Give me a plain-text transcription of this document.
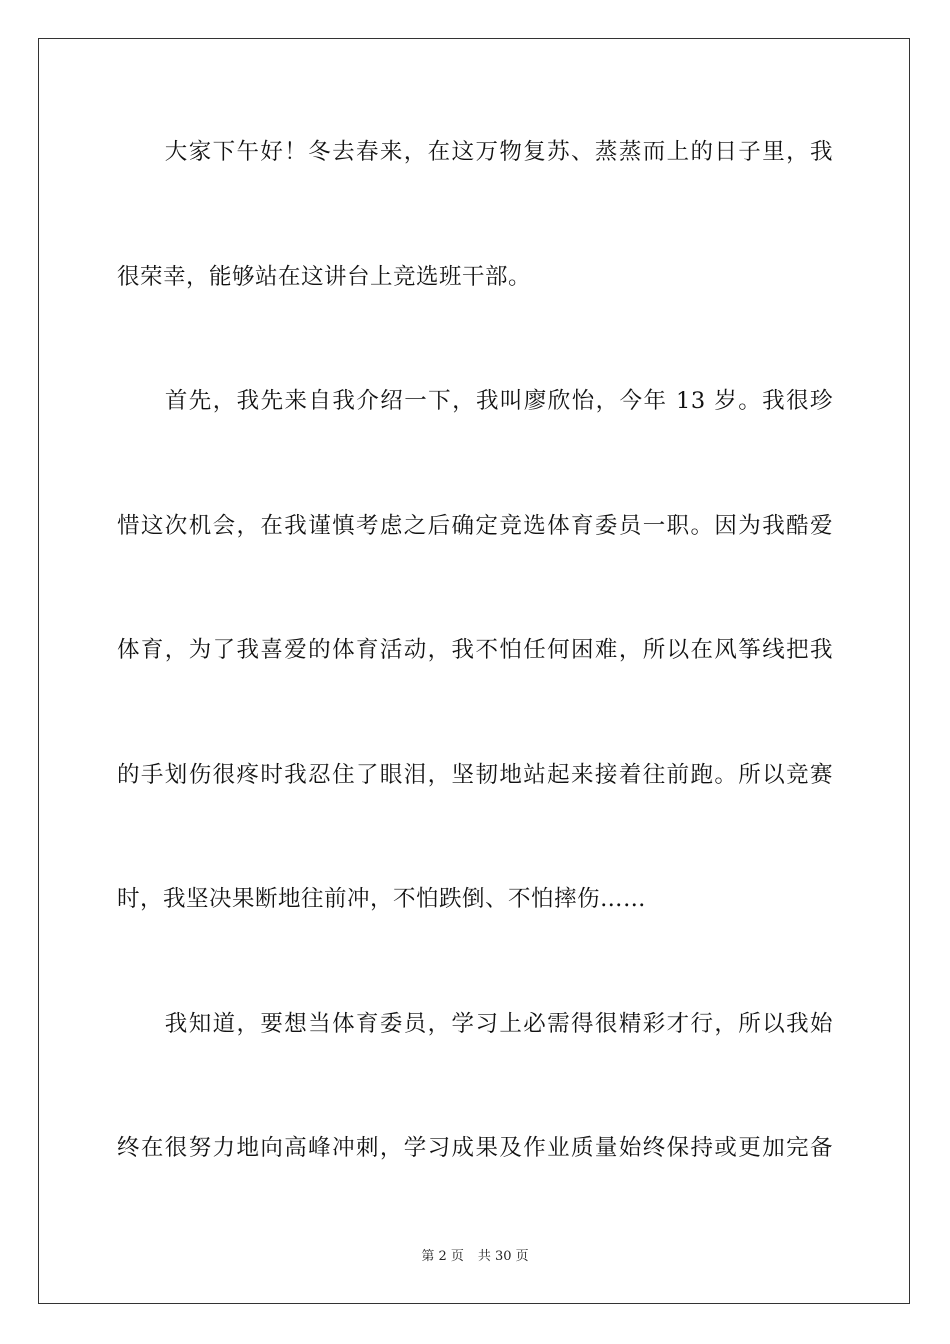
　　大家下午好！冬去春来，在这万物复苏、蒸蒸而上的日子里，我
很荣幸，能够站在这讲台上竞选班干部。
　　首先，我先来自我介绍一下，我叫廖欣怡，今年 13 岁。我很珍
惜这次机会，在我谨慎考虑之后确定竞选体育委员一职。因为我酷爱
体育，为了我喜爱的体育活动，我不怕任何困难，所以在风筝线把我
的手划伤很疼时我忍住了眼泪，坚韧地站起来接着往前跑。所以竞赛
时，我坚决果断地往前冲，不怕跌倒、不怕摔伤……
　　我知道，要想当体育委员，学习上必需得很精彩才行，所以我始
终在很努力地向高峰冲刺，学习成果及作业质量始终保持或更加完备
第 2 页 共 30 页
